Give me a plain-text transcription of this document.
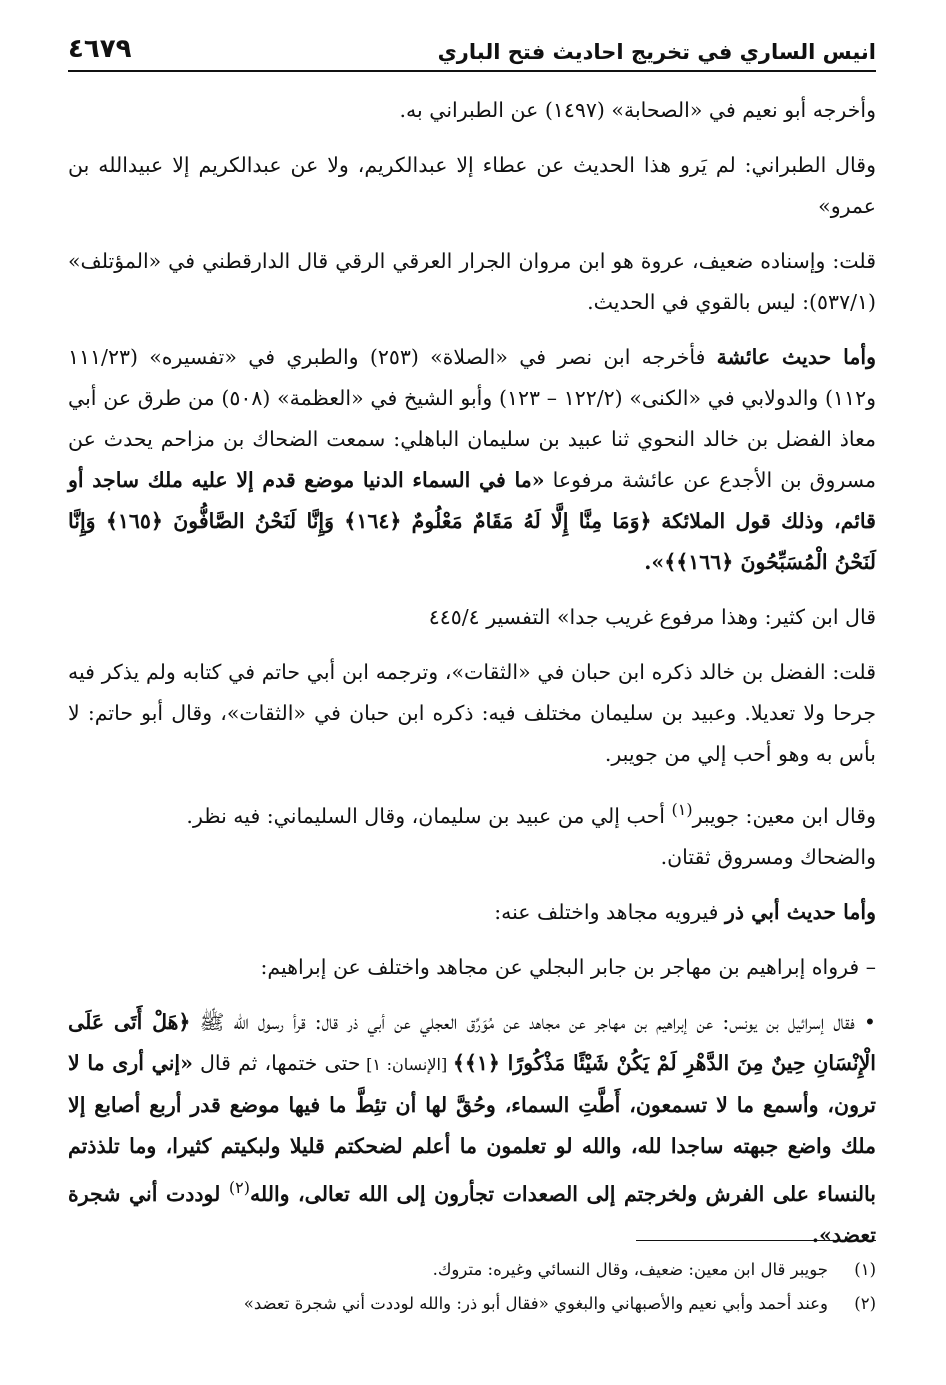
انيس الساري في تخريج احاديث فتح الباري
٤٦٧٩

وأخرجه أبو نعيم في «الصحابة» (١٤٩٧) عن الطبراني به.

وقال الطبراني: لم يَرو هذا الحديث عن عطاء إلا عبدالكريم، ولا عن عبدالكريم إلا عبيدالله بن عمرو»

قلت: وإسناده ضعيف، عروة هو ابن مروان الجرار العرقي الرقي قال الدارقطني في «المؤتلف» (٥٣٧/١): ليس بالقوي في الحديث.

وأما حديث عائشة فأخرجه ابن نصر في «الصلاة» (٢٥٣) والطبري في «تفسيره» (١١١/٢٣ و١١٢) والدولابي في «الكنى» (١٢٢/٢ – ١٢٣) وأبو الشيخ في «العظمة» (٥٠٨) من طرق عن أبي معاذ الفضل بن خالد النحوي ثنا عبيد بن سليمان الباهلي: سمعت الضحاك بن مزاحم يحدث عن مسروق بن الأجدع عن عائشة مرفوعا «ما في السماء الدنيا موضع قدم إلا عليه ملك ساجد أو قائم، وذلك قول الملائكة ﴿وَمَا مِنَّا إِلَّا لَهُ مَقَامٌ مَعْلُومٌ ﴿١٦٤﴾ وَإِنَّا لَنَحْنُ الصَّافُّونَ ﴿١٦٥﴾ وَإِنَّا لَنَحْنُ الْمُسَبِّحُونَ ﴿١٦٦﴾﴾».

قال ابن كثير: وهذا مرفوع غريب جدا» التفسير ٤٤٥/٤

قلت: الفضل بن خالد ذكره ابن حبان في «الثقات»، وترجمه ابن أبي حاتم في كتابه ولم يذكر فيه جرحا ولا تعديلا. وعبيد بن سليمان مختلف فيه: ذكره ابن حبان في «الثقات»، وقال أبو حاتم: لا بأس به وهو أحب إلي من جويبر.

وقال ابن معين: جويبر$^{(١)}$ أحب إلي من عبيد بن سليمان، وقال السليماني: فيه نظر.

والضحاك ومسروق ثقتان.

وأما حديث أبي ذر فيرويه مجاهد واختلف عنه:

– فرواه إبراهيم بن مهاجر بن جابر البجلي عن مجاهد واختلف عن إبراهيم:

• فقال إسرائيل بن يونس: عن إبراهيم بن مهاجر عن مجاهد عن مُوَرِّق العجلي عن أبي ذر قال: قرأ رسول الله ﷺ ﴿هَلْ أَتَى عَلَى الْإِنْسَانِ حِينٌ مِنَ الدَّهْرِ لَمْ يَكُنْ شَيْئًا مَذْكُورًا ﴿١﴾﴾ [الإنسان: ١] حتى ختمها، ثم قال «إني أرى ما لا ترون، وأسمع ما لا تسمعون، أَطَّتِ السماء، وحُقَّ لها أن تئِطَّ ما فيها موضع قدر أربع أصابع إلا ملك واضع جبهته ساجدا لله، والله لو تعلمون ما أعلم لضحكتم قليلا ولبكيتم كثيرا، وما تلذذتم بالنساء على الفرش ولخرجتم إلى الصعدات تجأرون إلى الله تعالى، والله$^{(٢)}$ لوددت أني شجرة تعضد».

(١)
جويبر قال ابن معين: ضعيف، وقال النسائي وغيره: متروك.
(٢)
وعند أحمد وأبي نعيم والأصبهاني والبغوي «فقال أبو ذر: والله لوددت أني شجرة تعضد»
